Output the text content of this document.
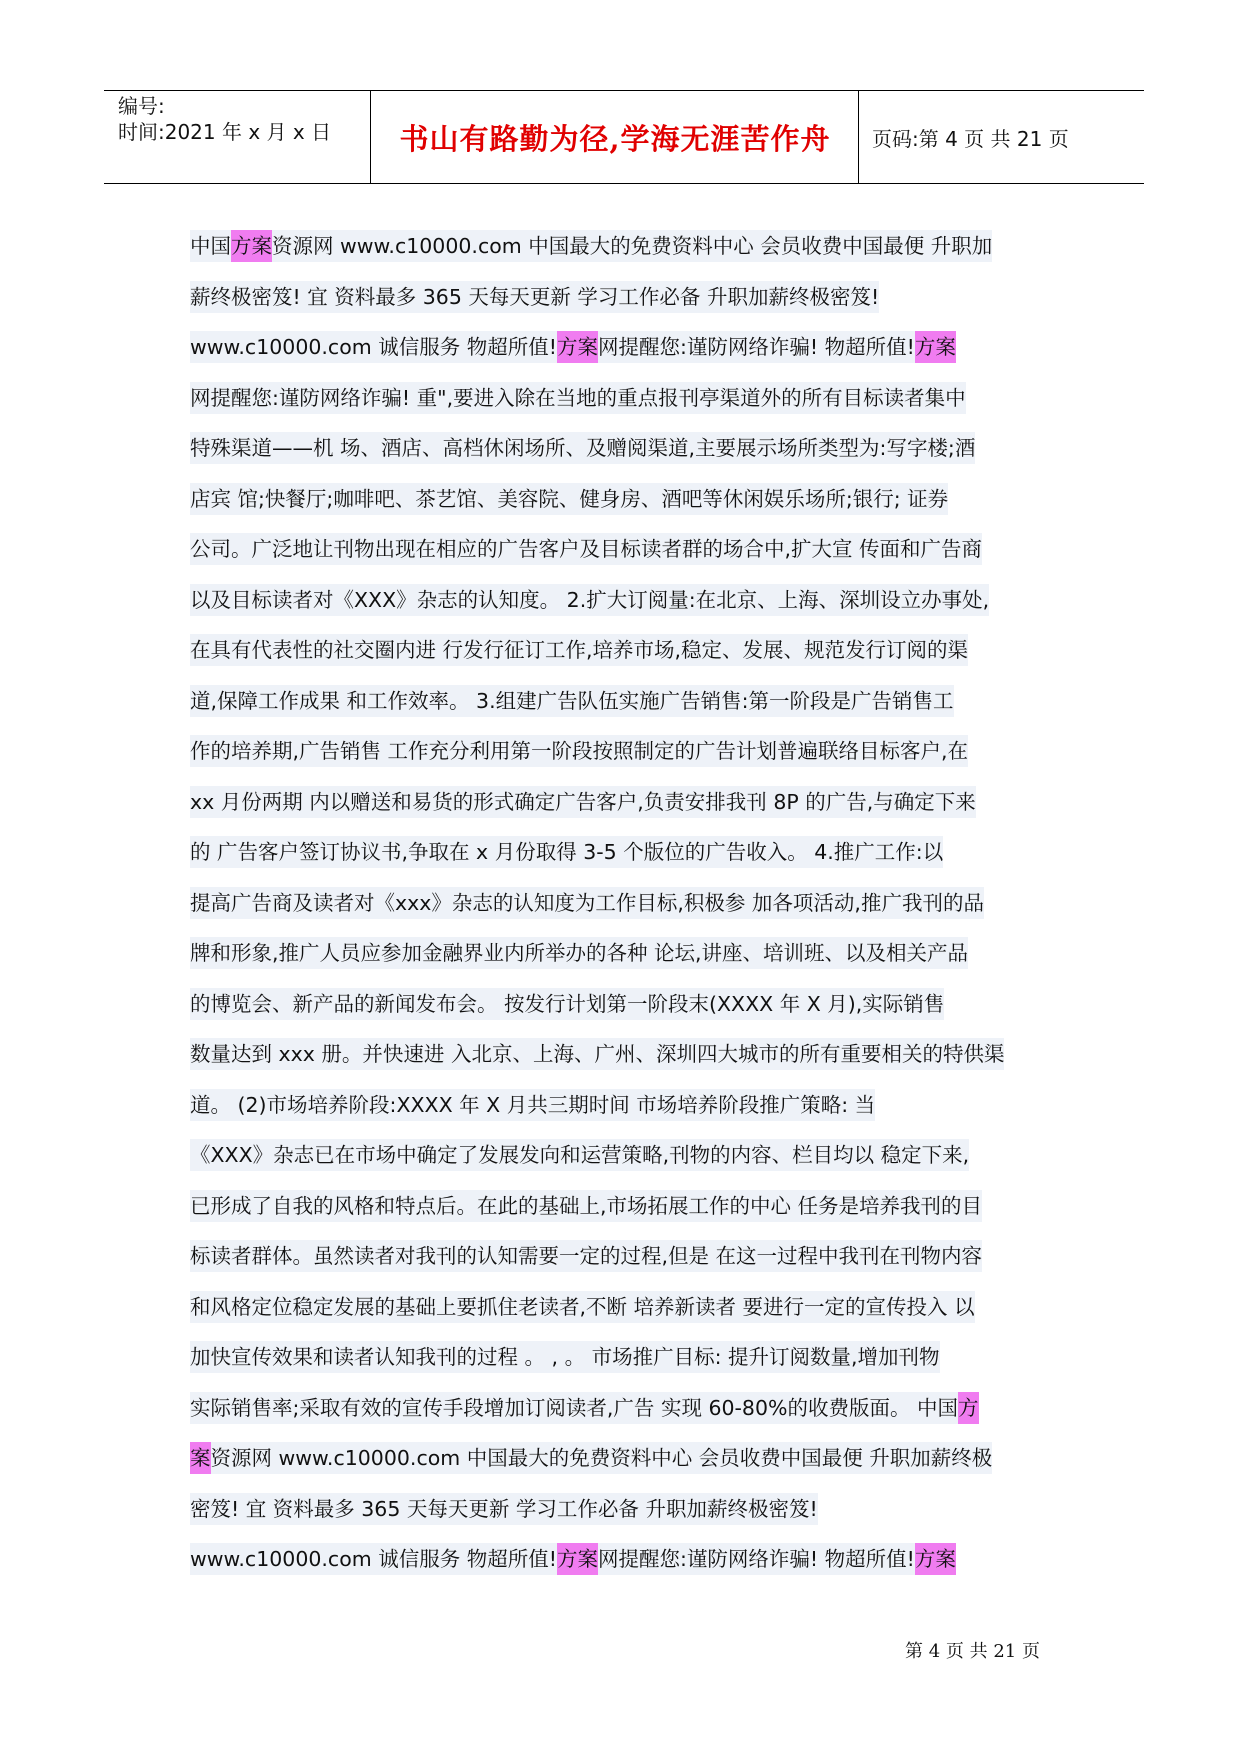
编号:
时间:2021 年 x 月 x 日	书山有路勤为径,学海无涯苦作舟	页码:第 4 页 共 21 页
中国方案资源网 www.c10000.com 中国最大的免费资料中心 会员收费中国最便 升职加
薪终极密笈! 宜 资料最多 365 天每天更新 学习工作必备 升职加薪终极密笈!
www.c10000.com 诚信服务 物超所值!方案网提醒您:谨防网络诈骗! 物超所值!方案
网提醒您:谨防网络诈骗! 重",要进入除在当地的重点报刊亭渠道外的所有目标读者集中
特殊渠道——机 场、酒店、高档休闲场所、及赠阅渠道,主要展示场所类型为:写字楼;酒
店宾 馆;快餐厅;咖啡吧、茶艺馆、美容院、健身房、酒吧等休闲娱乐场所;银行; 证券
公司。广泛地让刊物出现在相应的广告客户及目标读者群的场合中,扩大宣 传面和广告商
以及目标读者对《XXX》杂志的认知度。 2.扩大订阅量:在北京、上海、深圳设立办事处,
在具有代表性的社交圈内进 行发行征订工作,培养市场,稳定、发展、规范发行订阅的渠
道,保障工作成果 和工作效率。 3.组建广告队伍实施广告销售:第一阶段是广告销售工
作的培养期,广告销售 工作充分利用第一阶段按照制定的广告计划普遍联络目标客户,在
xx 月份两期 内以赠送和易货的形式确定广告客户,负责安排我刊 8P 的广告,与确定下来
的 广告客户签订协议书,争取在 x 月份取得 3-5 个版位的广告收入。 4.推广工作:以
提高广告商及读者对《xxx》杂志的认知度为工作目标,积极参 加各项活动,推广我刊的品
牌和形象,推广人员应参加金融界业内所举办的各种 论坛,讲座、培训班、以及相关产品
的博览会、新产品的新闻发布会。 按发行计划第一阶段末(XXXX 年 X 月),实际销售
数量达到 xxx 册。并快速进 入北京、上海、广州、深圳四大城市的所有重要相关的特供渠
道。 (2)市场培养阶段:XXXX 年 X 月共三期时间 市场培养阶段推广策略: 当
《XXX》杂志已在市场中确定了发展发向和运营策略,刊物的内容、栏目均以 稳定下来,
已形成了自我的风格和特点后。在此的基础上,市场拓展工作的中心 任务是培养我刊的目
标读者群体。虽然读者对我刊的认知需要一定的过程,但是 在这一过程中我刊在刊物内容
和风格定位稳定发展的基础上要抓住老读者,不断 培养新读者 要进行一定的宣传投入 以
加快宣传效果和读者认知我刊的过程 。 , 。 市场推广目标: 提升订阅数量,增加刊物
实际销售率;采取有效的宣传手段增加订阅读者,广告 实现 60-80%的收费版面。 中国方
案资源网 www.c10000.com 中国最大的免费资料中心 会员收费中国最便 升职加薪终极
密笈! 宜 资料最多 365 天每天更新 学习工作必备 升职加薪终极密笈!
www.c10000.com 诚信服务 物超所值!方案网提醒您:谨防网络诈骗! 物超所值!方案
第 4 页 共 21 页
